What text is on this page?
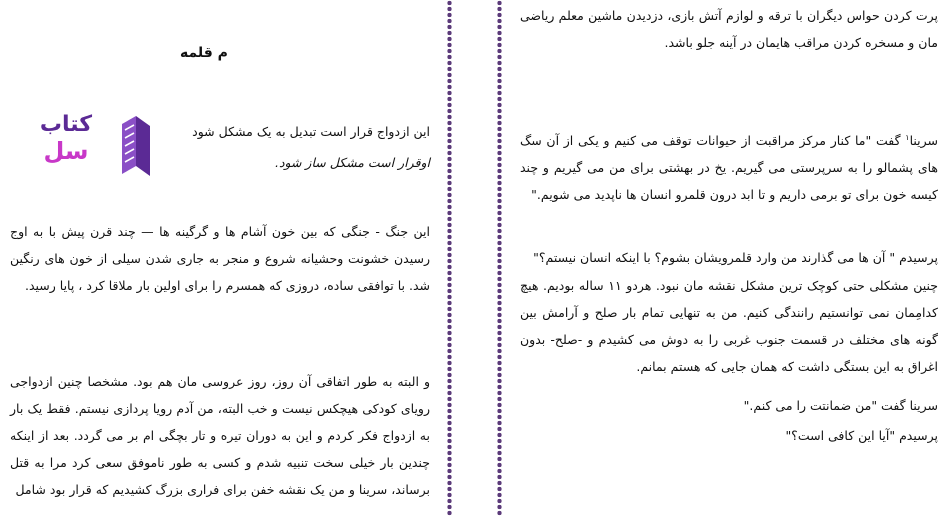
م قلمه
کتاب
سل

این ازدواج قرار است تبدیل به یک مشکل شود

اوقرار است مشکل ساز شود.

این جنگ - جنگی که بین خون آشام ها و گرگینه ها — چند قرن پیش با به اوج رسیدن خشونت وحشیانه شروع و منجر به جاری شدن سیلی از خون های رنگین شد. با توافقی ساده، دروزی که همسرم را برای اولین بار ملاقا کرد ، پایا رسید.

و البته به طور اتفاقی آن روز، روز عروسی مان هم بود. مشخصا چنین ازدواجی رویای کودکی هیچکس نیست و خب البته، من آدم رویا پردازی نیستم. فقط یک بار به ازدواج فکر کردم و این به دوران تیره و تار بچگی ام بر می گردد. بعد از اینکه چندین بار خیلی سخت تنبیه شدم و کسی به طور ناموفق سعی کرد مرا به قتل برساند، سرینا و من یک نقشه خفن برای فراری بزرگ کشیدیم که قرار بود شامل

پرت کردن حواس دیگران با ترقه و لوازم آتش بازی، دزدیدن ماشین معلم ریاضی مان و مسخره کردن مراقب هایمان در آینه جلو باشد.

سرینا$^۱$ گفت "ما کنار مرکز مراقبت از حیوانات توقف می کنیم و یکی از آن سگ های پشمالو را به سرپرستی می گیریم. یخ در بهشتی برای من می گیریم و چند کیسه خون برای تو برمی داریم و تا ابد درون قلمرو انسان ها ناپدید می شویم."

پرسیدم " آن ها می گذارند من وارد قلمرویشان بشوم؟ با اینکه انسان نیستم؟"

چنین مشکلی حتی کوچک ترین مشکل نقشه مان نبود. هردو ۱۱ ساله بودیم. هیچ کدامِمان نمی توانستیم رانندگی کنیم. من به تنهایی تمام بار صلح و آرامش بین گونه های مختلف در قسمت جنوب غربی را به دوش می کشیدم و -صلح- بدون اغراق به این بستگی داشت که همان جایی که هستم بمانم.

سرینا گفت "من ضمانتت را می کنم."

پرسیدم "آیا این کافی است؟"
